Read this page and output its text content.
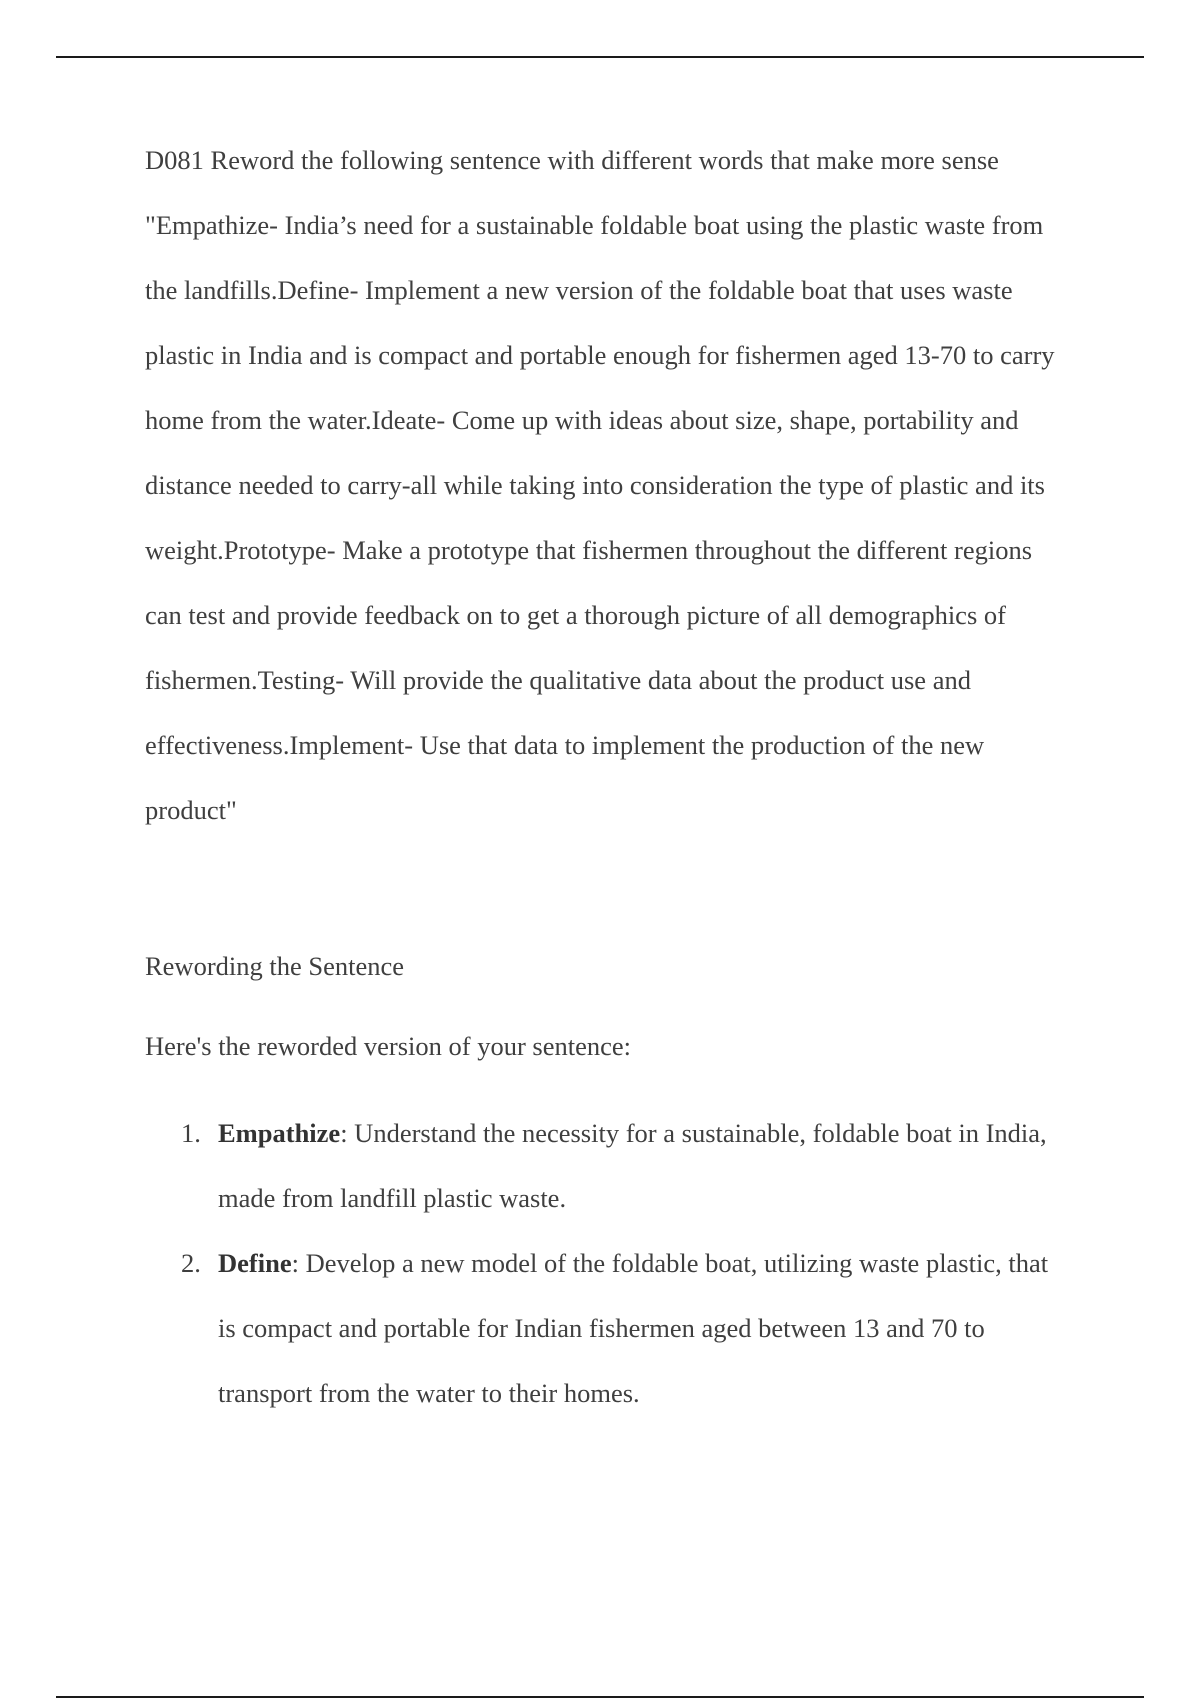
D081 Reword the following sentence with different words that make more sense "Empathize- India’s need for a sustainable foldable boat using the plastic waste from the landfills.Define- Implement a new version of the foldable boat that uses waste plastic in India and is compact and portable enough for fishermen aged 13-70 to carry home from the water.Ideate- Come up with ideas about size, shape, portability and distance needed to carry-all while taking into consideration the type of plastic and its weight.Prototype- Make a prototype that fishermen throughout the different regions can test and provide feedback on to get a thorough picture of all demographics of fishermen.Testing- Will provide the qualitative data about the product use and effectiveness.Implement- Use that data to implement the production of the new product"

Rewording the Sentence

Here's the reworded version of your sentence:

1. Empathize: Understand the necessity for a sustainable, foldable boat in India, made from landfill plastic waste.
2. Define: Develop a new model of the foldable boat, utilizing waste plastic, that is compact and portable for Indian fishermen aged between 13 and 70 to transport from the water to their homes.
